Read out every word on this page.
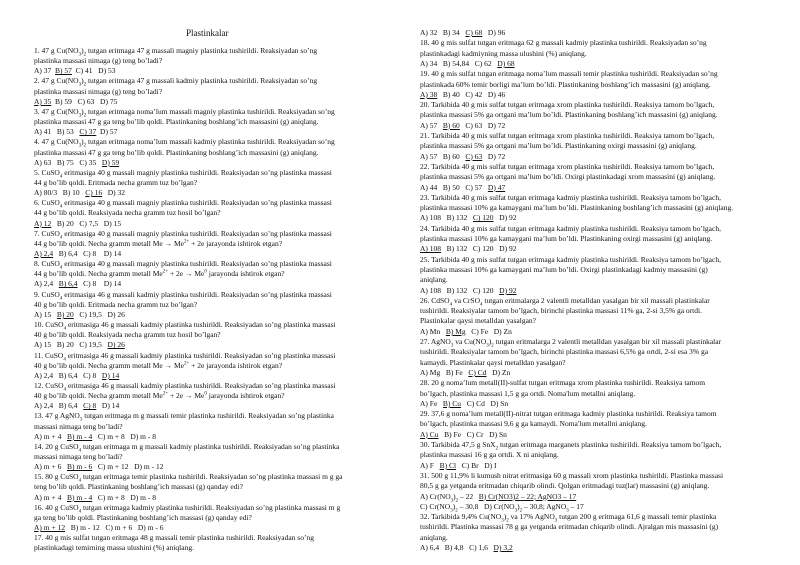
Plastinkalar
1. 47 g $Cu(NO_3)_2$ tutgan eritmaga 47 g massali magniy plastinka tushirildi. Reaksiyadan so’ng
plastinka massasi nimaga (g) teng bo’ladi?
A) 37  B) 57  C) 41   D) 53
2. 47 g $Cu(NO_3)_2$ tutgan eritmaga 47 g massali kadmiy plastinka tushirildi. Reaksiyadan so’ng
plastinka massasi nimaga (g) teng bo’ladi?
A) 35  B) 59   C) 63   D) 75
3. 47 g $Cu(NO_3)_2$ tutgan eritmaga noma’lum massali magniy plastinka tushirildi. Reaksiyadan so’ng
plastinka massasi 47 g ga teng bo’lib qoldi. Plastinkaning boshlang’ich massasini (g) aniqlang.
A) 41   B) 53   C) 37  D) 57
4. 47 g $Cu(NO_3)_2$ tutgan eritmaga noma’lum massali kadmiy plastinka tushirildi. Reaksiyadan so’ng
plastinka massasi 47 g ga teng bo’lib qoldi. Plastinkaning boshlang’ich massasini (g) aniqlang.
A) 63   B) 75   C) 35   D) 59
5. CuSO$_4$ eritmasiga 40 g massali magniy plastinka tushirildi. Reaksiyadan so’ng plastinka massasi
44 g bo’lib qoldi. Eritmada necha gramm tuz bo’lgan?
A) 80/3   B) 10   C) 16   D) 32
6. CuSO$_4$ eritmasiga 40 g massali magniy plastinka tushirildi. Reaksiyadan so’ng plastinka massasi
44 g bo’lib qoldi. Reaksiyada necha gramm tuz hosil bo’lgan?
A) 12   B) 20   C) 7,5   D) 15
7. CuSO$_4$ eritmasiga 40 g massali magniy plastinka tushirildi. Reaksiyadan so’ng plastinka massasi
44 g bo’lib qoldi. Necha gramm metall $Me \to Me^{2+} + 2e$ jarayonda ishtirok etgan?
A) 2,4   B) 6,4   C) 8    D) 14
8. CuSO$_4$ eritmasiga 40 g massali magniy plastinka tushirildi. Reaksiyadan so’ng plastinka massasi
44 g bo’lib qoldi. Necha gramm metall $Me^{2+} + 2e \to Me^0$ jarayonda ishtirok etgan?
A) 2,4   B) 6,4   C) 8    D) 14
9. CuSO$_4$ eritmasiga 46 g massali kadmiy plastinka tushirildi. Reaksiyadan so’ng plastinka massasi
40 g bo’lib qoldi. Eritmada necha gramm tuz bo’lgan?
A) 15   B) 20   C) 19,5   D) 26
10. CuSO$_4$ eritmasiga 46 g massali kadmiy plastinka tushirildi. Reaksiyadan so’ng plastinka massasi
40 g bo’lib qoldi. Reaksiyada necha gramm tuz hosil bo’lgan?
A) 15   B) 20   C) 19,5   D) 26
11. CuSO$_4$ eritmasiga 46 g massali kadmiy plastinka tushirildi. Reaksiyadan so’ng plastinka massasi
40 g bo’lib qoldi. Necha gramm metall $Me \to Me^{2+} + 2e$ jarayonda ishtirok etgan?
A) 2,4   B) 6,4   C) 8   D) 14
12. CuSO$_4$ eritmasiga 46 g massali kadmiy plastinka tushirildi. Reaksiyadan so’ng plastinka massasi
40 g bo’lib qoldi. Necha gramm metall $Me^{2+} + 2e \to Me^0$ jarayonda ishtirok etgan?
A) 2,4   B) 6,4   C) 8   D) 14
13. 47 g AgNO$_3$ tutgan eritmaga m g massali temir plastinka tushirildi. Reaksiyadan so’ng plastinka
massasi nimaga teng bo’ladi?
A) m + 4   B) m - 4   C) m + 8   D) m - 8
14. 20 g CuSO$_4$ tutgan eritmaga m g massali kadmiy plastinka tushirildi. Reaksiyadan so’ng plastinka
massasi nimaga teng bo’ladi?
A) m + 6   B) m - 6   C) m + 12   D) m - 12
15. 80 g CuSO$_4$ tutgan eritmaga temir plastinka tushirildi. Reaksiyadan so’ng plastinka massasi m g ga
teng bo’lib qoldi. Plastinkaning boshlang’ich massasi (g) qanday edi?
A) m + 4   B) m - 4   C) m + 8   D) m - 8
16. 40 g CuSO$_4$ tutgan eritmaga kadmiy plastinka tushirildi. Reaksiyadan so’ng plastinka massasi m g
ga teng bo’lib qoldi. Plastinkaning boshlang’ich massasi (g) qanday edi?
A) m + 12   B) m - 12   C) m + 6   D) m - 6
17. 40 g mis sulfat tutgan eritmaga 48 g massali temir plastinka tushirildi. Reaksiyadan so’ng
plastinkadagi temirning massa ulushini (%) aniqlang.
A) 32   B) 34   C) 68   D) 96
18. 40 g mis sulfat tutgan eritmaga 62 g massali kadmiy plastinka tushirildi. Reaksiyadan so’ng
plastinkadagi kadmiyning massa ulushini (%) aniqlang.
A) 34   B) 54,84   C) 62   D) 68
19. 40 g mis sulfat tutgan eritmaga noma’lum massali temir plastinka tushirildi. Reaksiyadan so’ng
plastinkada 60% temir borligi ma’lum bo’ldi. Plastinkaning boshlang’ich massasini (g) aniqlang.
A) 38   B) 40   C) 42   D) 46
20. Tarkibida 40 g mis sulfat tutgan eritmaga xrom plastinka tushirildi. Reaksiya tamom bo’lgach,
plastinka massasi 5% ga ortgani ma’lum bo’ldi. Plastinkaning boshlang’ich massasini (g) aniqlang.
A) 57   B) 60   C) 63   D) 72
21. Tarkibida 40 g mis sulfat tutgan eritmaga xrom plastinka tushirildi. Reaksiya tamom bo’lgach,
plastinka massasi 5% ga ortgani ma’lum bo’ldi. Plastinkaning oxirgi massasini (g) aniqlang.
A) 57   B) 60   C) 63   D) 72
22. Tarkibida 40 g mis sulfat tutgan eritmaga xrom plastinka tushirildi. Reaksiya tamom bo’lgach,
plastinka massasi 5% ga ortgani ma’lum bo’ldi. Oxirgi plastinkadagi xrom massasini (g) aniqlang.
A) 44   B) 50   C) 57   D) 47
23. Tarkibida 40 g mis sulfat tutgan eritmaga kadmiy plastinka tushirildi. Reaksiya tamom bo’lgach,
plastinka massasi 10% ga kamaygani ma’lum bo’ldi. Plastinkaning boshlang’ich massasini (g) aniqlang.
A) 108   B) 132   C) 120   D) 92
24. Tarkibida 40 g mis sulfat tutgan eritmaga kadmiy plastinka tushirildi. Reaksiya tamom bo’lgach,
plastinka massasi 10% ga kamaygani ma’lum bo’ldi. Plastinkaning oxirgi massasini (g) aniqlang.
A) 108   B) 132   C) 120   D) 92
25. Tarkibida 40 g mis sulfat tutgan eritmaga kadmiy plastinka tushirildi. Reaksiya tamom bo’lgach,
plastinka massasi 10% ga kamaygani ma’lum bo’ldi. Oxirgi plastinkadagi kadmiy massasini (g)
aniqlang.
A) 108   B) 132   C) 120   D) 92
26. CdSO$_4$ va CrSO$_4$ tutgan eritmalarga 2 valentli metalldan yasalgan bir xil massali plastinkalar
tushirildi. Reaksiyalar tamom bo’lgach, birinchi plastinka massasi 11% ga, 2-si 3,5% ga ortdi.
Plastinkalar qaysi metalldan yasalgan?
A) Mn   B) Mg   C) Fe   D) Zn
27. AgNO$_3$ va $Cu(NO_3)_2$ tutgan eritmalarga 2 valentli metalldan yasalgan bir xil massali plastinkalar
tushirildi. Reaksiyalar tamom bo’lgach, birinchi plastinka massasi 6,5% ga ortdi, 2-si esa 3% ga
kamaydi. Plastinkalar qaysi metalldan yasalgan?
A) Mg   B) Fe   C) Cd   D) Zn
28. 20 g noma’lum metall(II)-sulfat tutgan eritmaga xrom plastinka tushirildi. Reaksiya tamom
bo’lgach, plastinka massasi 1,5 g ga ortdi. Noma'lum metallni aniqlang.
A) Fe   B) Cu   C) Cd   D) Sn
29. 37,6 g noma’lum metall(II)-nitrat tutgan eritmaga kadmiy plastinka tushirildi. Reaksiya tamom
bo’lgach, plastinka massasi 9,6 g ga kamaydi. Noma'lum metallni aniqlang.
A) Cu   B) Fe   C) Cr   D) Sn
30. Tarkibida 47,5 g SnX$_2$ tutgan eritmaga marganets plastinka tushirildi. Reaksiya tamom bo’lgach,
plastinka massasi 16 g ga ortdi. X ni aniqlang.
A) F   B) Cl   C) Br   D) I
31. 500 g 11,9% li kumush nitrat eritmasiga 60 g massali xrom plastinka tushirildi. Plastinka massasi
80,5 g ga yetganda eritmadan chiqarib olindi. Qolgan eritmadagi tuz(lar) massasini (g) aniqlang.
A) $Cr(NO_3)_2 - 22$   B) Cr(NO3)2 – 22; AgNO3 – 17
C) $Cr(NO_3)_2 - 30,8$   D) $Cr(NO_3)_2 - 30,8$; AgNO$_3$ – 17
32. Tarkibida 9,4% $Cu(NO_3)_2$ va 17% AgNO$_3$ tutgan 200 g eritmaga 61,6 g massali temir plastinka
tushirildi. Plastinka massasi 78 g ga yetganda eritmadan chiqarib olindi. Ajralgan mis massasini (g)
aniqlang.
A) 6,4   B) 4,8   C) 1,6   D) 3,2
